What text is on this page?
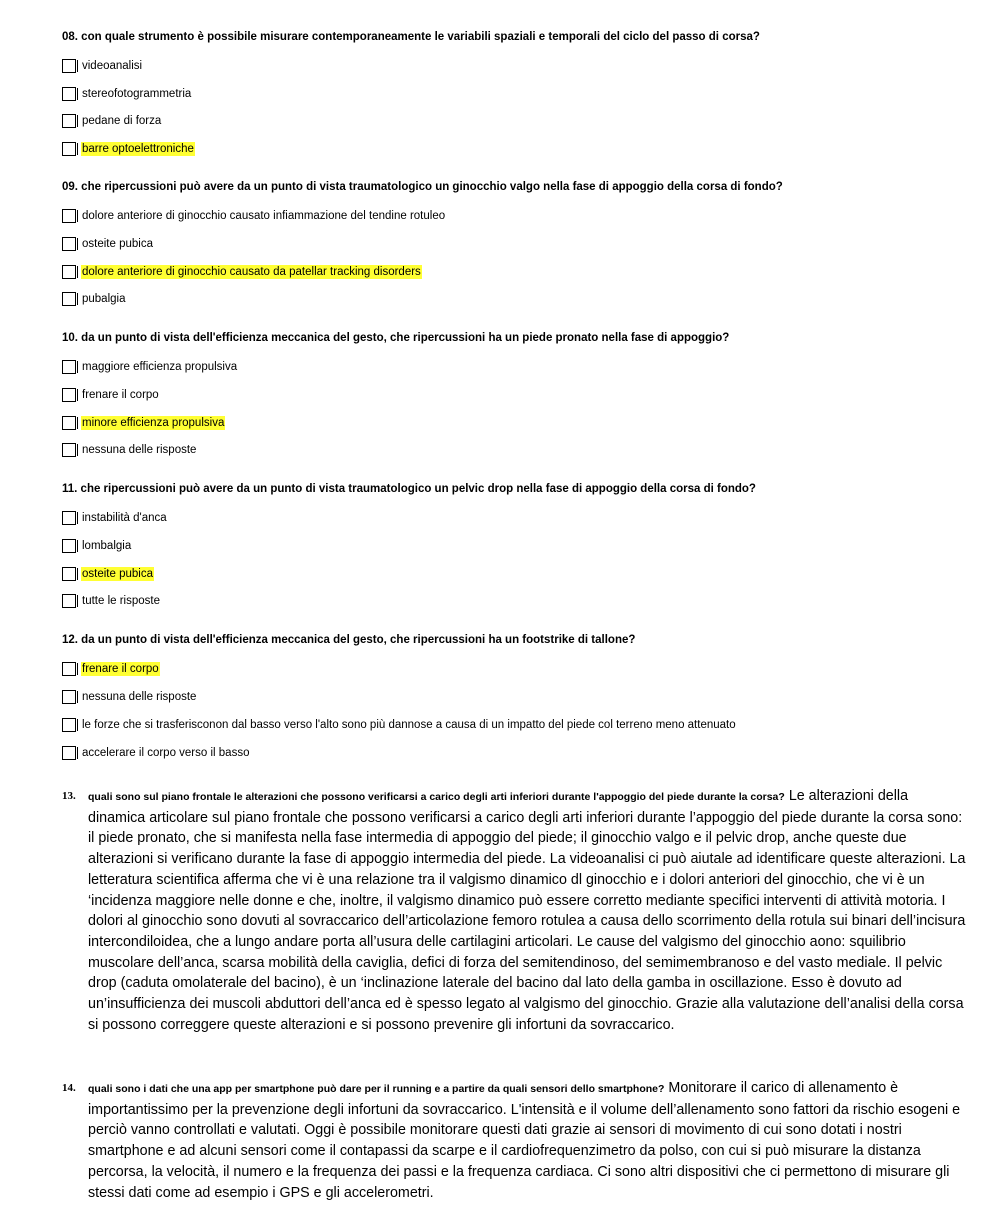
08. con quale strumento è possibile misurare contemporaneamente le variabili spaziali e temporali del ciclo del passo di corsa?
videoanalisi
stereofotogrammetria
pedane di forza
barre optoelettroniche
09. che ripercussioni può avere da un punto di vista traumatologico un ginocchio valgo nella fase di appoggio della corsa di fondo?
dolore anteriore di ginocchio causato infiammazione del tendine rotuleo
osteite pubica
dolore anteriore di ginocchio causato da patellar tracking disorders
pubalgia
10. da un punto di vista dell'efficienza meccanica del gesto, che ripercussioni ha un piede pronato nella fase di appoggio?
maggiore efficienza propulsiva
frenare il corpo
minore efficienza propulsiva
nessuna delle risposte
11. che ripercussioni può avere da un punto di vista traumatologico un pelvic drop nella fase di appoggio della corsa di fondo?
instabilità d'anca
lombalgia
osteite pubica
tutte le risposte
12. da un punto di vista dell'efficienza meccanica del gesto, che ripercussioni ha un footstrike di tallone?
frenare il corpo
nessuna delle risposte
le forze che si trasferisconon dal basso verso l'alto sono più dannose a causa di un impatto del piede col terreno meno attenuato
accelerare il corpo verso il basso
13. quali sono sul piano frontale le alterazioni che possono verificarsi a carico degli arti inferiori durante l'appoggio del piede durante la corsa? Le alterazioni della dinamica articolare sul piano frontale che possono verificarsi a carico degli arti inferiori durante l’appoggio del piede durante la corsa sono: il piede pronato, che si manifesta nella fase intermedia di appoggio del piede; il ginocchio valgo e il pelvic drop, anche queste due alterazioni si verificano durante la fase di appoggio intermedia del piede. La videoanalisi ci può aiutale ad identificare queste alterazioni. La letteratura scientifica afferma che vi è una relazione tra il valgismo dinamico dl ginocchio e i dolori anteriori del ginocchio, che vi è un ‘incidenza maggiore nelle donne e che, inoltre, il valgismo dinamico può essere corretto mediante specifici interventi di attività motoria. I dolori al ginocchio sono dovuti al sovraccarico dell’articolazione femoro rotulea a causa dello scorrimento della rotula sui binari dell’incisura intercondiloidea, che a lungo andare porta all’usura delle cartilagini articolari. Le cause del valgismo del ginocchio aono: squilibrio muscolare dell’anca, scarsa mobilità della caviglia, defici di forza del semitendinoso, del semimembranoso e del vasto mediale. Il pelvic drop (caduta omolaterale del bacino), è un ‘inclinazione laterale del bacino dal lato della gamba in oscillazione. Esso è dovuto ad un’insufficienza dei muscoli abduttori dell’anca ed è spesso legato al valgismo del ginocchio. Grazie alla valutazione dell’analisi della corsa si possono correggere queste alterazioni e si possono prevenire gli infortuni da sovraccarico.
14. quali sono i dati che una app per smartphone può dare per il running e a partire da quali sensori dello smartphone? Monitorare il carico di allenamento è importantissimo per la prevenzione degli infortuni da sovraccarico. L'intensità e il volume dell’allenamento sono fattori da rischio esogeni e perciò vanno controllati e valutati. Oggi è possibile monitorare questi dati grazie ai sensori di movimento di cui sono dotati i nostri smartphone e ad alcuni sensori come il contapassi da scarpe e il cardiofrequenzimetro da polso, con cui si può misurare la distanza percorsa, la velocità, il numero e la frequenza dei passi e la frequenza cardiaca. Ci sono altri dispositivi che ci permettono di misurare gli stessi dati come ad esempio i GPS e gli accelerometri.
